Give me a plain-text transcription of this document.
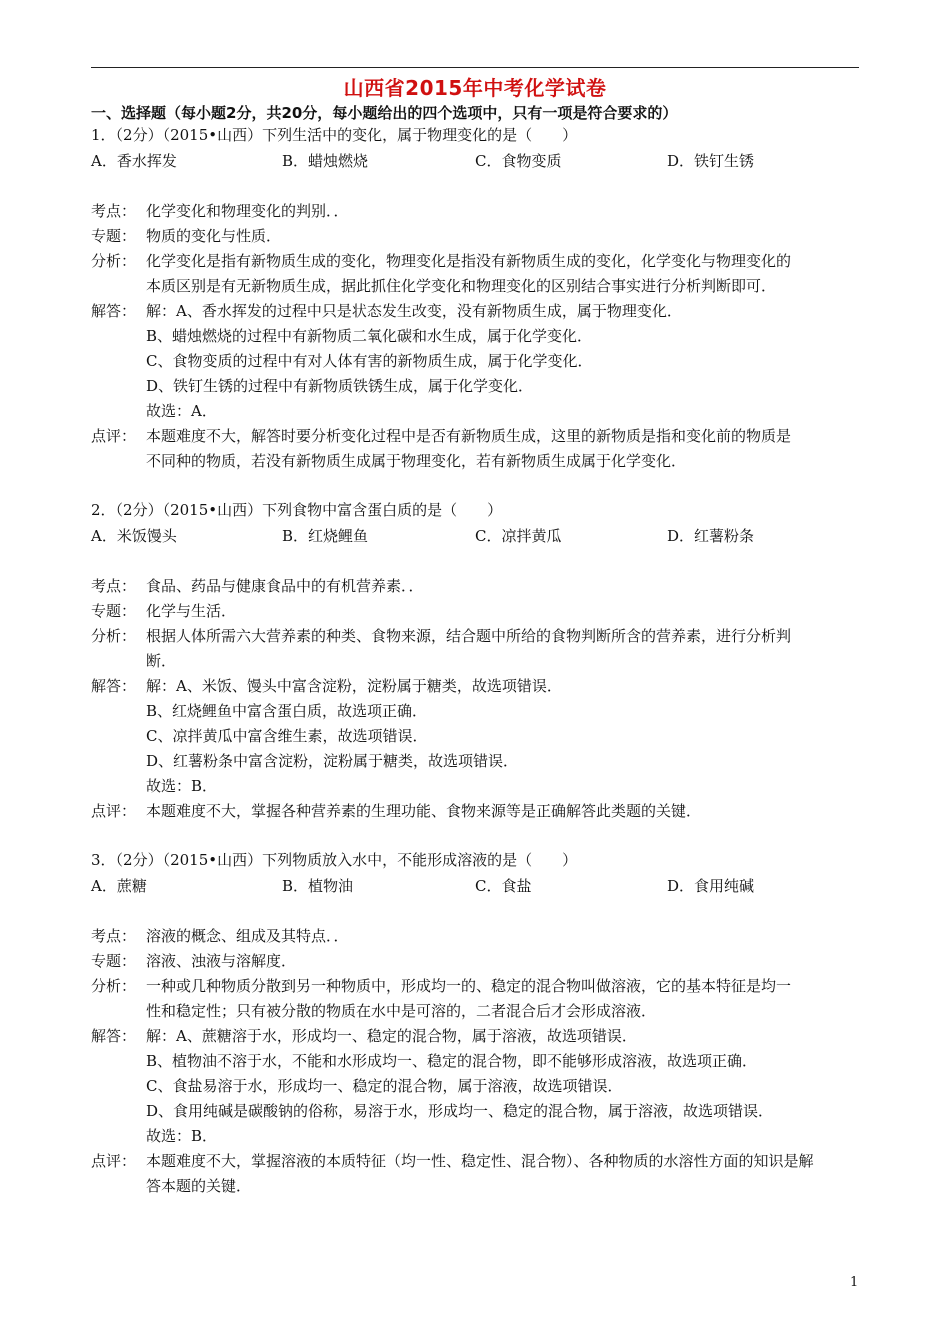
山西省2015年中考化学试卷
一、选择题（每小题2分，共20分，每小题给出的四个选项中，只有一项是符合要求的）
1．（2分）（2015•山西）下列生活中的变化，属于物理变化的是（　　）
A．香水挥发	B．蜡烛燃烧	C．食物变质	D．铁钉生锈
考点： 化学变化和物理变化的判别．．
专题： 物质的变化与性质．
分析： 化学变化是指有新物质生成的变化，物理变化是指没有新物质生成的变化，化学变化与物理变化的
本质区别是有无新物质生成，据此抓住化学变化和物理变化的区别结合事实进行分析判断即可．
解答： 解：A、香水挥发的过程中只是状态发生改变，没有新物质生成，属于物理变化．
B、蜡烛燃烧的过程中有新物质二氧化碳和水生成，属于化学变化．
C、食物变质的过程中有对人体有害的新物质生成，属于化学变化．
D、铁钉生锈的过程中有新物质铁锈生成，属于化学变化．
故选：A．
点评： 本题难度不大，解答时要分析变化过程中是否有新物质生成，这里的新物质是指和变化前的物质是
不同种的物质，若没有新物质生成属于物理变化，若有新物质生成属于化学变化．
2．（2分）（2015•山西）下列食物中富含蛋白质的是（　　）
A．米饭馒头	B．红烧鲤鱼	C．凉拌黄瓜	D．红薯粉条
考点： 食品、药品与健康食品中的有机营养素．．
专题： 化学与生活．
分析： 根据人体所需六大营养素的种类、食物来源，结合题中所给的食物判断所含的营养素，进行分析判
断．
解答： 解：A、米饭、馒头中富含淀粉，淀粉属于糖类，故选项错误．
B、红烧鲤鱼中富含蛋白质，故选项正确．
C、凉拌黄瓜中富含维生素，故选项错误．
D、红薯粉条中富含淀粉，淀粉属于糖类，故选项错误．
故选：B．
点评： 本题难度不大，掌握各种营养素的生理功能、食物来源等是正确解答此类题的关键．
3．（2分）（2015•山西）下列物质放入水中，不能形成溶液的是（　　）
A．蔗糖	B．植物油	C．食盐	D．食用纯碱
考点： 溶液的概念、组成及其特点．．
专题： 溶液、浊液与溶解度．
分析： 一种或几种物质分散到另一种物质中，形成均一的、稳定的混合物叫做溶液，它的基本特征是均一
性和稳定性；只有被分散的物质在水中是可溶的，二者混合后才会形成溶液．
解答： 解：A、蔗糖溶于水，形成均一、稳定的混合物，属于溶液，故选项错误．
B、植物油不溶于水，不能和水形成均一、稳定的混合物，即不能够形成溶液，故选项正确．
C、食盐易溶于水，形成均一、稳定的混合物，属于溶液，故选项错误．
D、食用纯碱是碳酸钠的俗称，易溶于水，形成均一、稳定的混合物，属于溶液，故选项错误．
故选：B．
点评： 本题难度不大，掌握溶液的本质特征（均一性、稳定性、混合物）、各种物质的水溶性方面的知识是解
答本题的关键．
1
